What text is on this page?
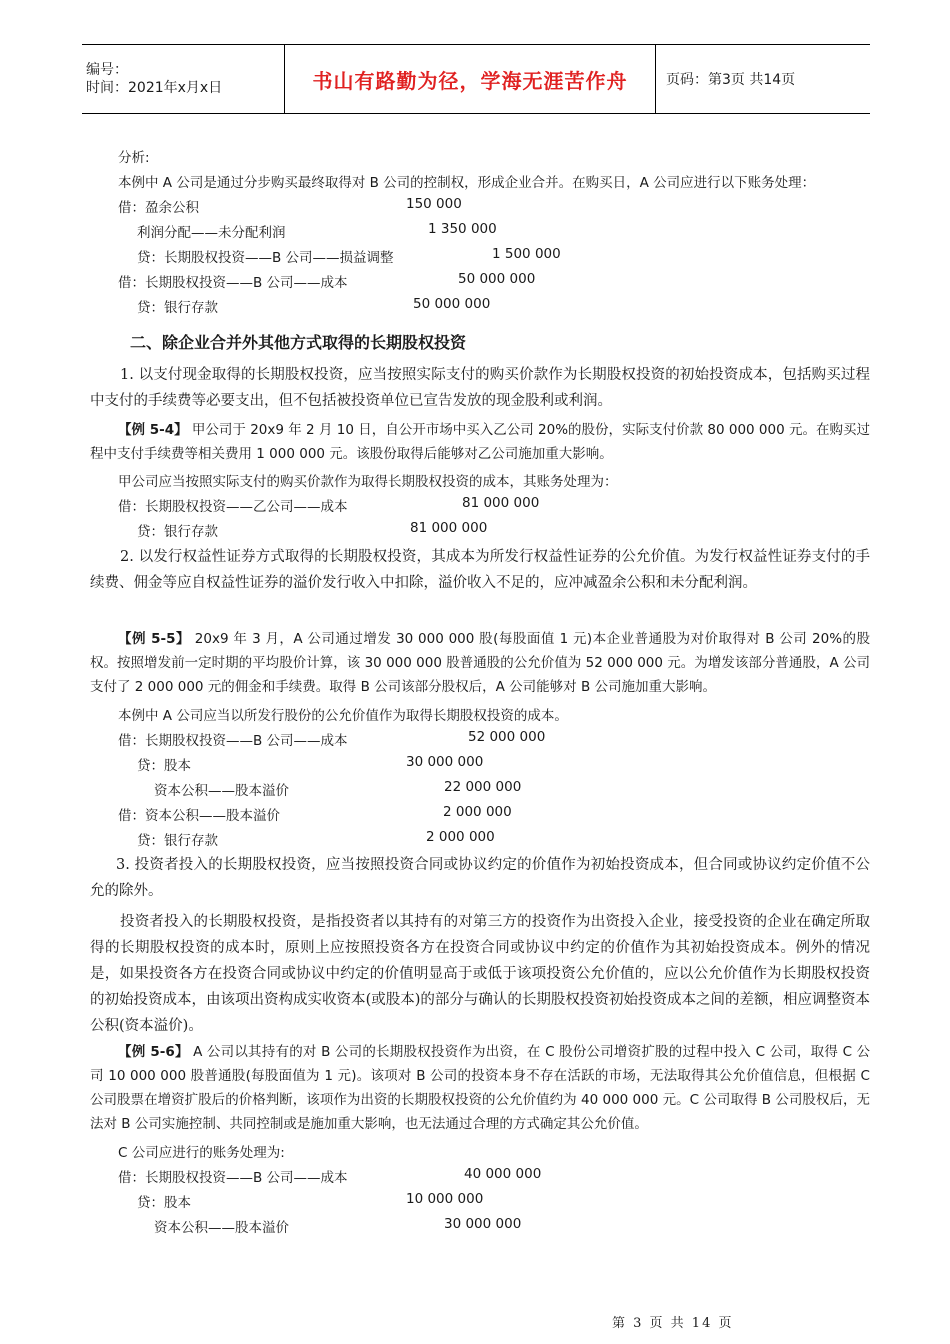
编号：
时间：2021年x月x日	书山有路勤为径，学海无涯苦作舟	页码：第3页 共14页
分析:
本例中 A 公司是通过分步购买最终取得对 B 公司的控制权，形成企业合并。在购买日，A 公司应进行以下账务处理：
借：盈余公积	150 000
利润分配——未分配利润	1 350 000
贷：长期股权投资——B 公司——损益调整	1 500 000
借：长期股权投资——B 公司——成本	50 000 000
贷：银行存款	50 000 000
二、除企业合并外其他方式取得的长期股权投资
1. 以支付现金取得的长期股权投资，应当按照实际支付的购买价款作为长期股权投资的初始投资成本，包括购买过程中支付的手续费等必要支出，但不包括被投资单位已宣告发放的现金股利或利润。
【例 5-4】 甲公司于 20x9 年 2 月 10 日，自公开市场中买入乙公司 20%的股份，实际支付价款 80 000 000 元。在购买过程中支付手续费等相关费用 1 000 000 元。该股份取得后能够对乙公司施加重大影响。
甲公司应当按照实际支付的购买价款作为取得长期股权投资的成本，其账务处理为：
借：长期股权投资——乙公司——成本	81 000 000
贷：银行存款	81 000 000
2. 以发行权益性证券方式取得的长期股权投资，其成本为所发行权益性证券的公允价值。为发行权益性证券支付的手续费、佣金等应自权益性证券的溢价发行收入中扣除，溢价收入不足的，应冲减盈余公积和未分配利润。
【例 5-5】 20x9 年 3 月，A 公司通过增发 30 000 000 股(每股面值 1 元)本企业普通股为对价取得对 B 公司 20%的股权。按照增发前一定时期的平均股价计算，该 30 000 000 股普通股的公允价值为 52 000 000 元。为增发该部分普通股，A 公司支付了 2 000 000 元的佣金和手续费。取得 B 公司该部分股权后，A 公司能够对 B 公司施加重大影响。
本例中 A 公司应当以所发行股份的公允价值作为取得长期股权投资的成本。
借：长期股权投资——B 公司——成本	52 000 000
贷：股本	30 000 000
资本公积——股本溢价	22 000 000
借：资本公积——股本溢价	2 000 000
贷：银行存款	2 000 000
3. 投资者投入的长期股权投资，应当按照投资合同或协议约定的价值作为初始投资成本，但合同或协议约定价值不公允的除外。
投资者投入的长期股权投资，是指投资者以其持有的对第三方的投资作为出资投入企业，接受投资的企业在确定所取得的长期股权投资的成本时，原则上应按照投资各方在投资合同或协议中约定的价值作为其初始投资成本。例外的情况是，如果投资各方在投资合同或协议中约定的价值明显高于或低于该项投资公允价值的，应以公允价值作为长期股权投资的初始投资成本，由该项出资构成实收资本(或股本)的部分与确认的长期股权投资初始投资成本之间的差额，相应调整资本公积(资本溢价)。
【例 5-6】 A 公司以其持有的对 B 公司的长期股权投资作为出资，在 C 股份公司增资扩股的过程中投入 C 公司，取得 C 公司 10 000 000 股普通股(每股面值为 1 元)。该项对 B 公司的投资本身不存在活跃的市场，无法取得其公允价值信息，但根据 C 公司股票在增资扩股后的价格判断，该项作为出资的长期股权投资的公允价值约为 40 000 000 元。C 公司取得 B 公司股权后，无法对 B 公司实施控制、共同控制或是施加重大影响，也无法通过合理的方式确定其公允价值。
C 公司应进行的账务处理为:
借：长期股权投资——B 公司——成本	40 000 000
贷：股本	10 000 000
资本公积——股本溢价	30 000 000
第 3 页 共 14 页
